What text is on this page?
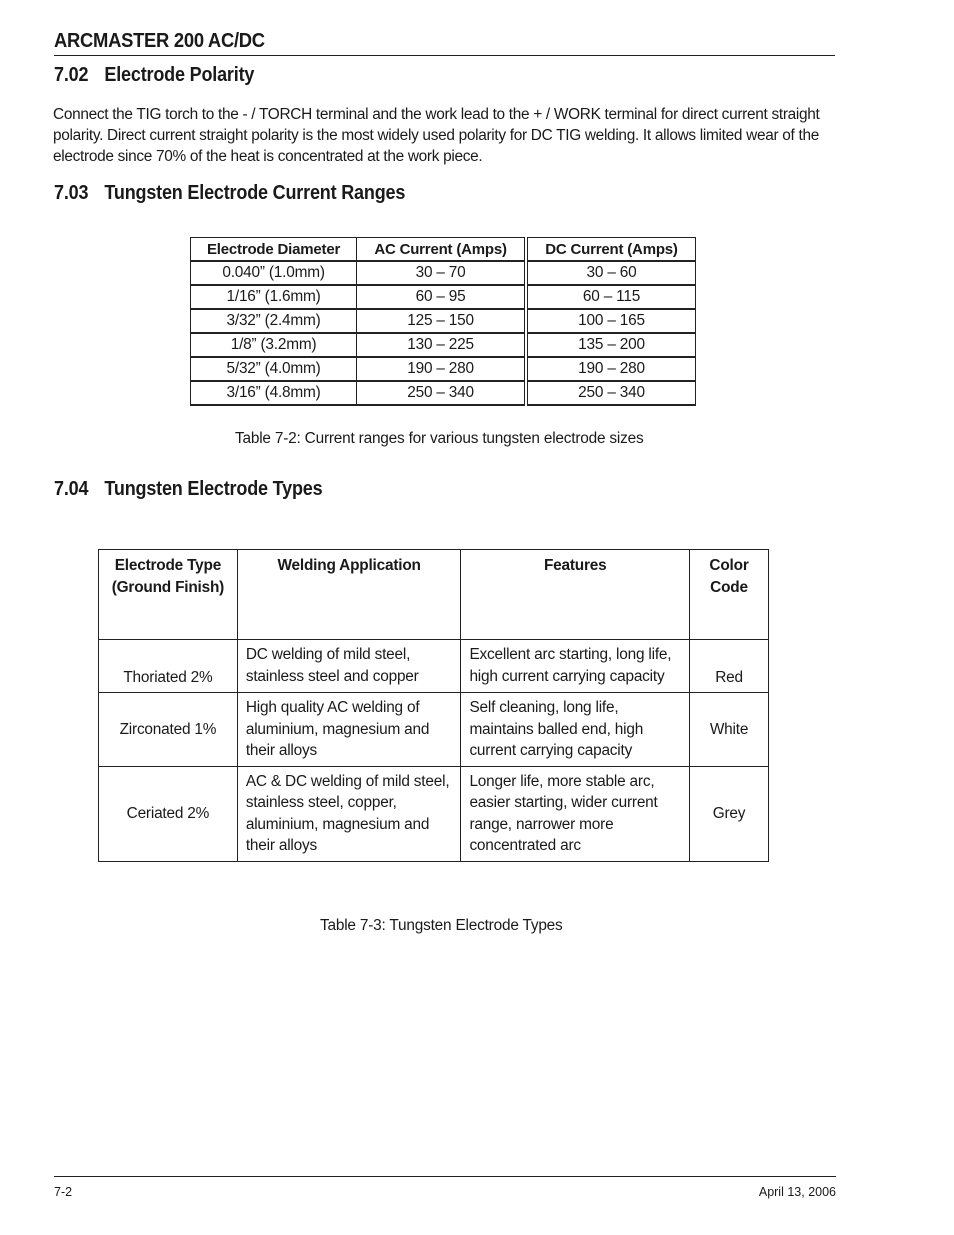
ARCMASTER 200 AC/DC
7.02 Electrode Polarity
Connect the TIG torch to the - / TORCH terminal and the work lead to the + / WORK terminal for direct current straight polarity. Direct current straight polarity is the most widely used polarity for DC TIG welding. It allows limited wear of the electrode since 70% of the heat is concentrated at the work piece.
7.03 Tungsten Electrode Current Ranges
Electrode Diameter	AC Current (Amps)	DC Current (Amps)
0.040” (1.0mm)	30 – 70	30 – 60
1/16” (1.6mm)	60 – 95	60 – 115
3/32” (2.4mm)	125 – 150	100 – 165
1/8” (3.2mm)	130 – 225	135 – 200
5/32” (4.0mm)	190 – 280	190 – 280
3/16” (4.8mm)	250 – 340	250 – 340
Table 7-2: Current ranges for various tungsten electrode sizes
7.04 Tungsten Electrode Types
Electrode Type (Ground Finish)	Welding Application	Features	Color Code
Thoriated 2%	DC welding of mild steel, stainless steel and copper	Excellent arc starting, long life, high current carrying capacity	Red
Zirconated 1%	High quality AC welding of aluminium, magnesium and their alloys	Self cleaning, long life, maintains balled end, high current carrying capacity	White
Ceriated 2%	AC & DC welding of mild steel, stainless steel, copper, aluminium, magnesium and their alloys	Longer life, more stable arc, easier starting, wider current range, narrower more concentrated arc	Grey
Table 7-3: Tungsten Electrode Types
7-2	April 13, 2006
